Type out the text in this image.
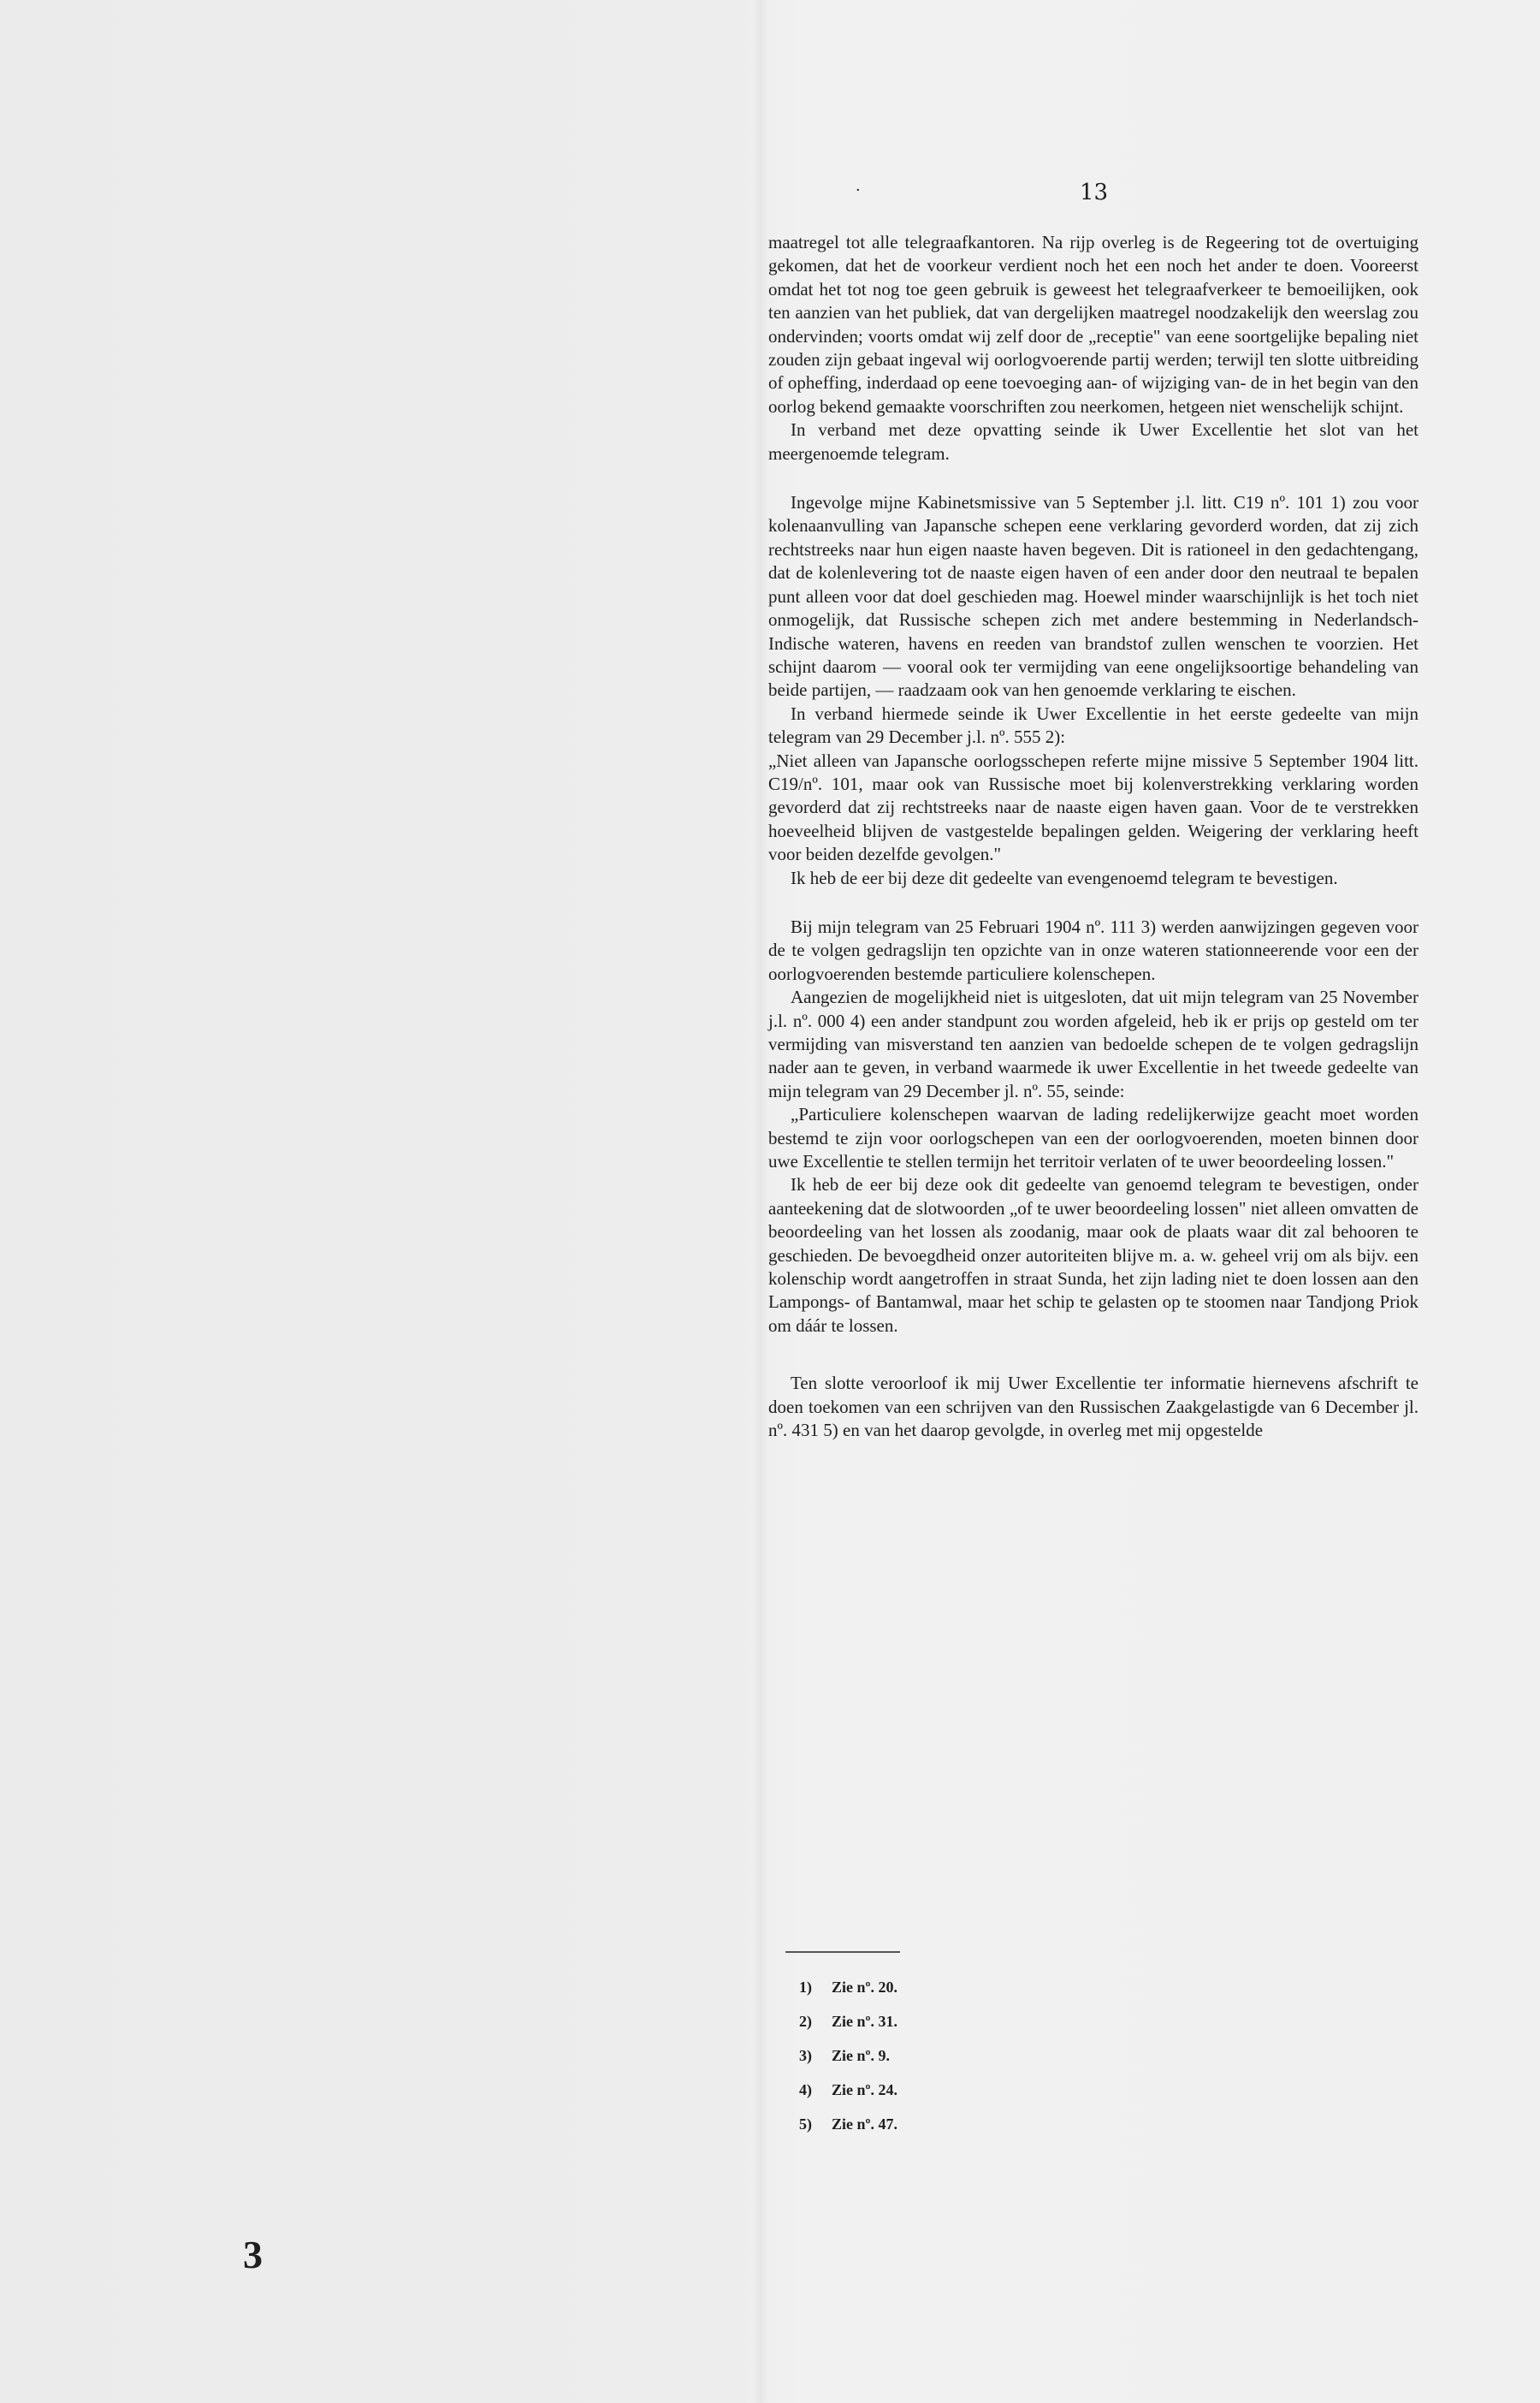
·	13

maatregel tot alle telegraafkantoren. Na rijp overleg is de Regeering tot de overtuiging gekomen, dat het de voorkeur verdient noch het een noch het ander te doen. Vooreerst omdat het tot nog toe geen gebruik is geweest het telegraafverkeer te bemoeilijken, ook ten aanzien van het publiek, dat van dergelijken maatregel noodzakelijk den weerslag zou ondervinden; voorts omdat wij zelf door de „receptie" van eene soortgelijke bepaling niet zouden zijn gebaat ingeval wij oorlogvoerende partij werden; terwijl ten slotte uitbreiding of opheffing, inderdaad op eene toevoeging aan- of wijziging van- de in het begin van den oorlog bekend gemaakte voorschriften zou neerkomen, hetgeen niet wenschelijk schijnt.

In verband met deze opvatting seinde ik Uwer Excellentie het slot van het meergenoemde telegram.

Ingevolge mijne Kabinetsmissive van 5 September j.l. litt. C19 nº. 101 1) zou voor kolenaanvulling van Japansche schepen eene verklaring gevorderd worden, dat zij zich rechtstreeks naar hun eigen naaste haven begeven. Dit is rationeel in den gedachtengang, dat de kolenlevering tot de naaste eigen haven of een ander door den neutraal te bepalen punt alleen voor dat doel geschieden mag. Hoewel minder waarschijnlijk is het toch niet onmogelijk, dat Russische schepen zich met andere bestemming in Nederlandsch-Indische wateren, havens en reeden van brandstof zullen wenschen te voorzien. Het schijnt daarom — vooral ook ter vermijding van eene ongelijksoortige behandeling van beide partijen, — raadzaam ook van hen genoemde verklaring te eischen.

In verband hiermede seinde ik Uwer Excellentie in het eerste gedeelte van mijn telegram van 29 December j.l. nº. 555 2):

„Niet alleen van Japansche oorlogsschepen referte mijne missive 5 September 1904 litt. C19/nº. 101, maar ook van Russische moet bij kolenverstrekking verklaring worden gevorderd dat zij rechtstreeks naar de naaste eigen haven gaan. Voor de te verstrekken hoeveelheid blijven de vastgestelde bepalingen gelden. Weigering der verklaring heeft voor beiden dezelfde gevolgen."

Ik heb de eer bij deze dit gedeelte van evengenoemd telegram te bevestigen.

Bij mijn telegram van 25 Februari 1904 nº. 111 3) werden aanwijzingen gegeven voor de te volgen gedragslijn ten opzichte van in onze wateren stationneerende voor een der oorlogvoerenden bestemde particuliere kolenschepen.

Aangezien de mogelijkheid niet is uitgesloten, dat uit mijn telegram van 25 November j.l. nº. 000 4) een ander standpunt zou worden afgeleid, heb ik er prijs op gesteld om ter vermijding van misverstand ten aanzien van bedoelde schepen de te volgen gedragslijn nader aan te geven, in verband waarmede ik uwer Excellentie in het tweede gedeelte van mijn telegram van 29 December jl. nº. 55, seinde:

„Particuliere kolenschepen waarvan de lading redelijkerwijze geacht moet worden bestemd te zijn voor oorlogschepen van een der oorlogvoerenden, moeten binnen door uwe Excellentie te stellen termijn het territoir verlaten of te uwer beoordeeling lossen."

Ik heb de eer bij deze ook dit gedeelte van genoemd telegram te bevestigen, onder aanteekening dat de slotwoorden „of te uwer beoordeeling lossen" niet alleen omvatten de beoordeeling van het lossen als zoodanig, maar ook de plaats waar dit zal behooren te geschieden. De bevoegdheid onzer autoriteiten blijve m. a. w. geheel vrij om als bijv. een kolenschip wordt aangetroffen in straat Sunda, het zijn lading niet te doen lossen aan den Lampongs- of Bantamwal, maar het schip te gelasten op te stoomen naar Tandjong Priok om dáár te lossen.

Ten slotte veroorloof ik mij Uwer Excellentie ter informatie hiernevens afschrift te doen toekomen van een schrijven van den Russischen Zaakgelastigde van 6 December jl. nº. 431 5) en van het daarop gevolgde, in overleg met mij opgestelde

1) Zie nº. 20.
2) Zie nº. 31.
3) Zie nº. 9.
4) Zie nº. 24.
5) Zie nº. 47.
3
